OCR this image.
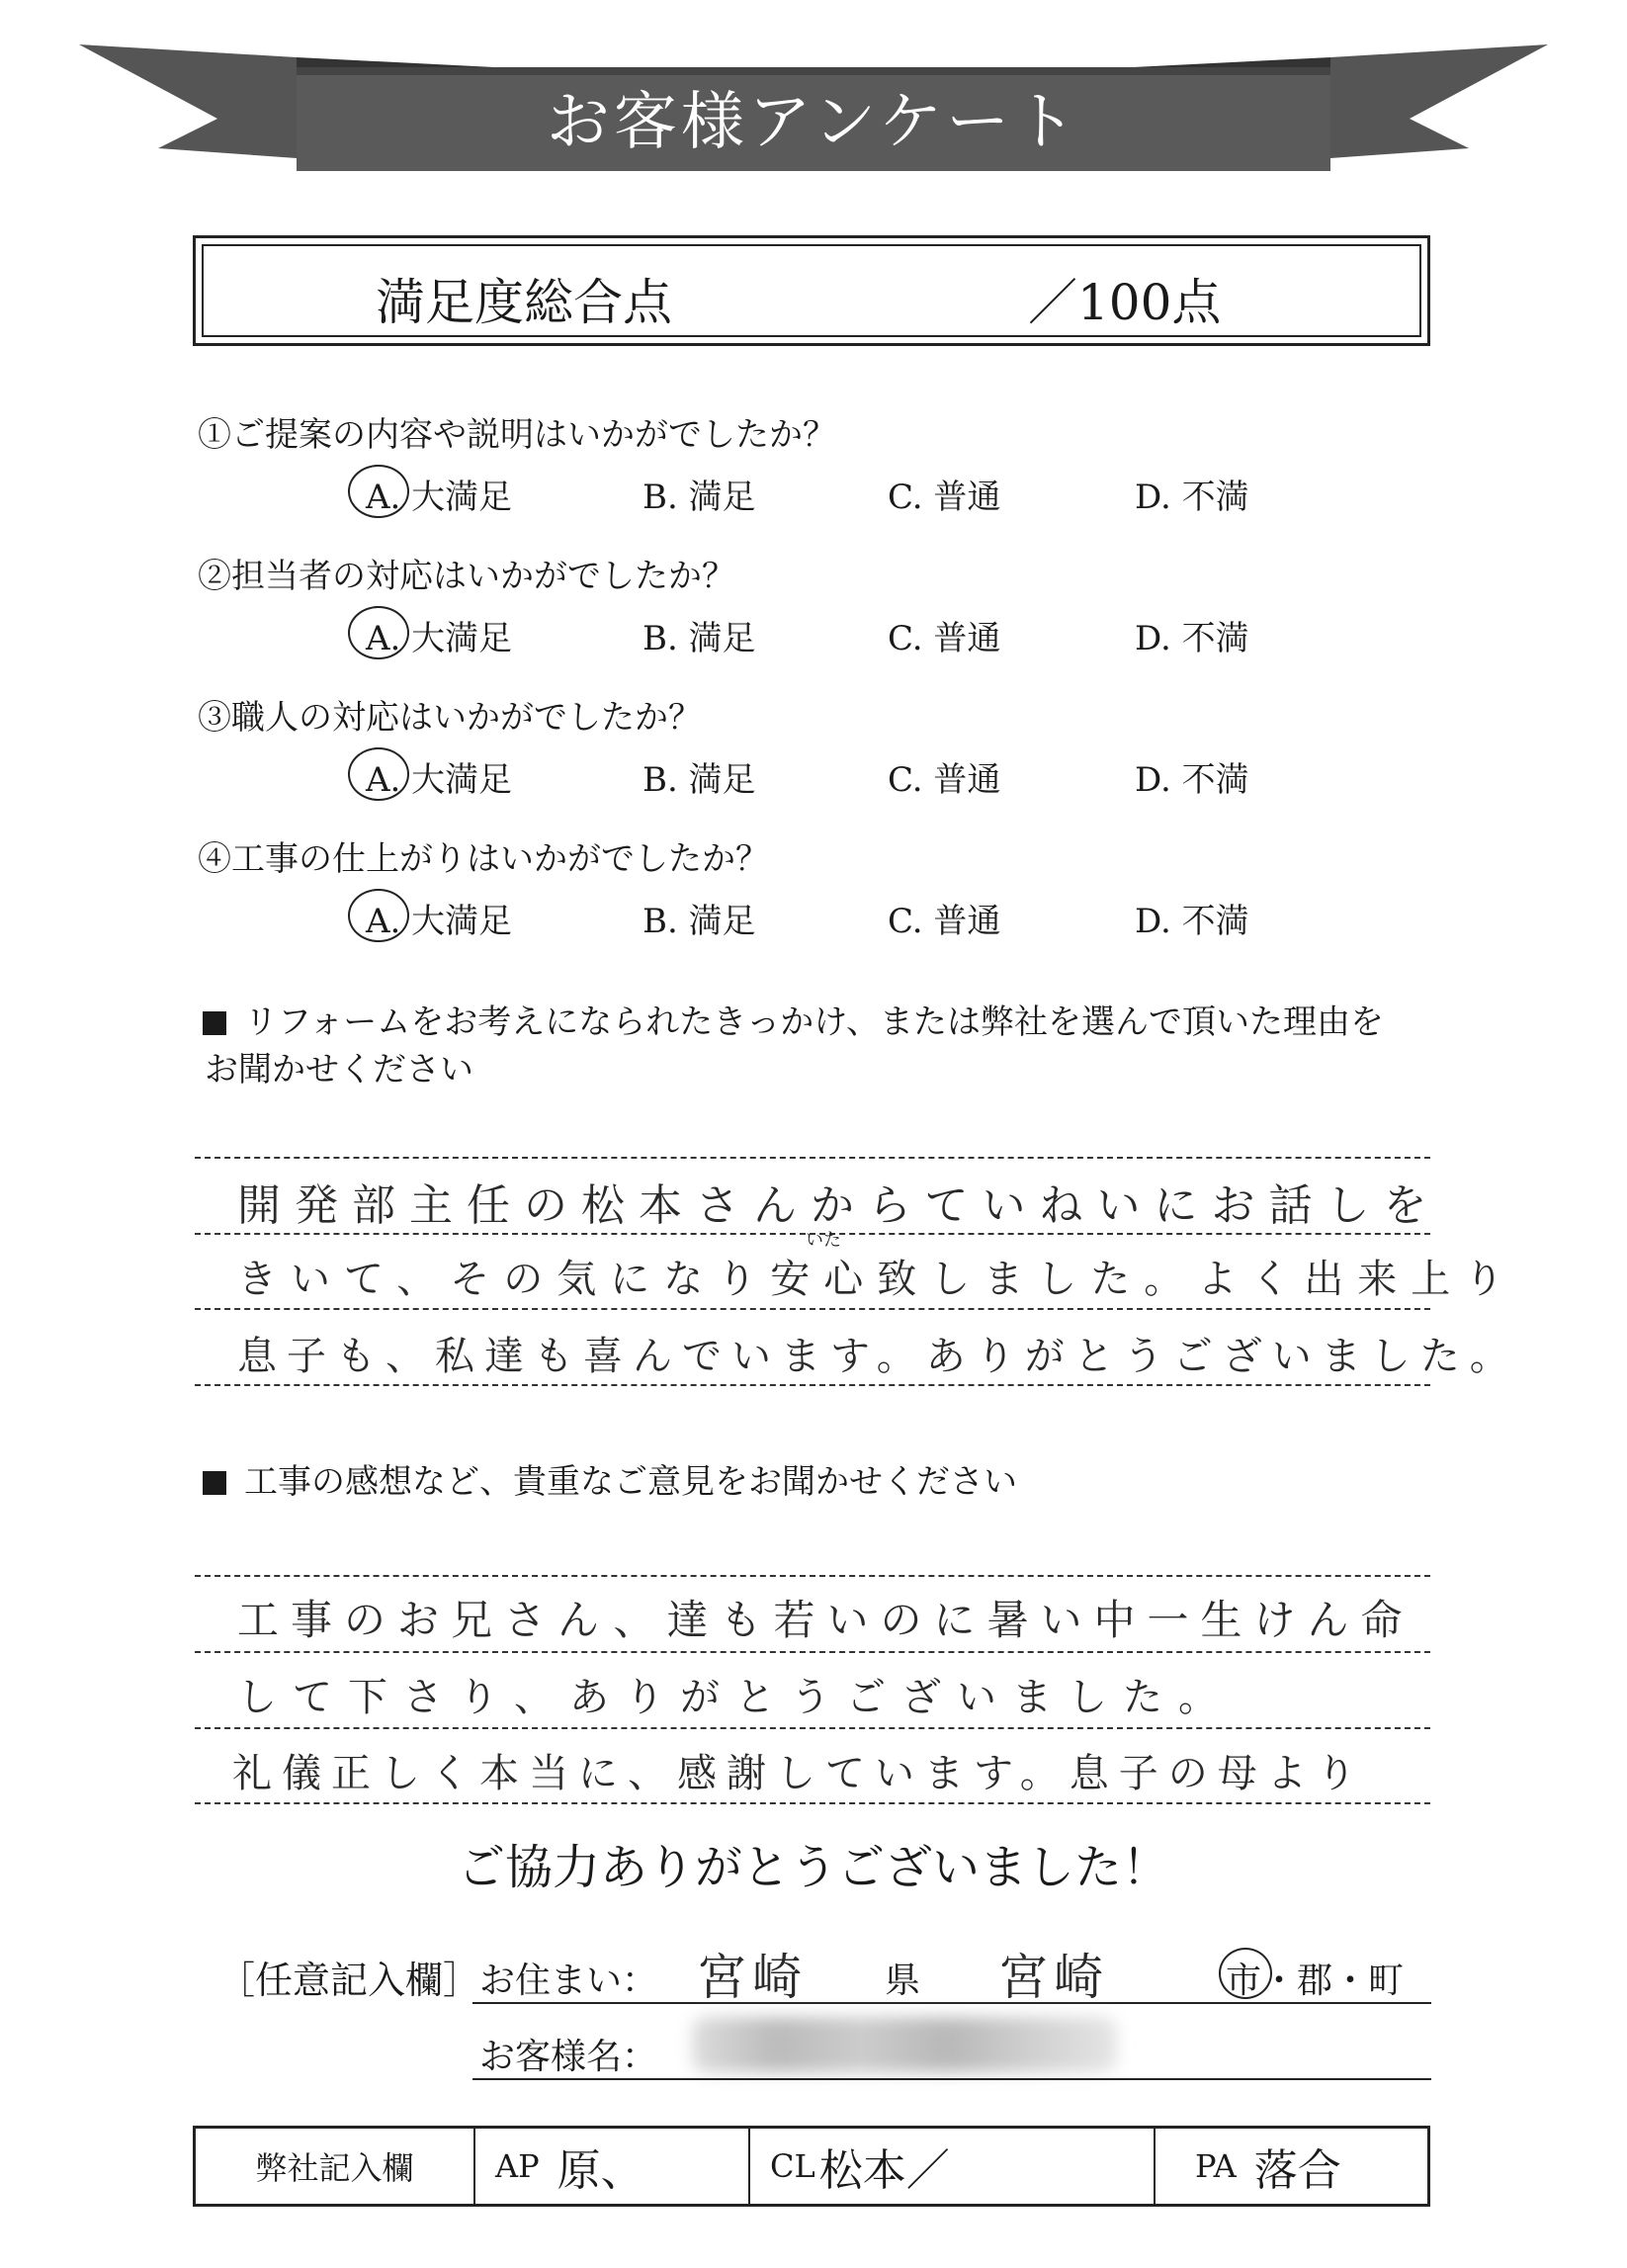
お客様アンケート
満足度総合点	／100点
①ご提案の内容や説明はいかがでしたか？
A. 大満足	B. 満足	C. 普通	D. 不満
②担当者の対応はいかがでしたか？
A. 大満足	B. 満足	C. 普通	D. 不満
③職人の対応はいかがでしたか？
A. 大満足	B. 満足	C. 普通	D. 不満
④工事の仕上がりはいかがでしたか？
A. 大満足	B. 満足	C. 普通	D. 不満
リフォームをお考えになられたきっかけ、または弊社を選んで頂いた理由を
お聞かせください
開発部主任の松本さんからていねいにお話しを
きいて、その気になり安心致しました。よく出来上り
いた
息子も、私達も喜んでいます。ありがとうございました。
工事の感想など、貴重なご意見をお聞かせください
工事のお兄さん、達も若いのに暑い中一生けん命
して下さり、ありがとうございました。
礼儀正しく本当に、感謝しています。息子の母より
ご協力ありがとうございました！
［任意記入欄］
お住まい： 宮崎 県 宮崎	市・郡・町
お客様名：
弊社記入欄	AP 原、	CL 松本／	PA 落合
